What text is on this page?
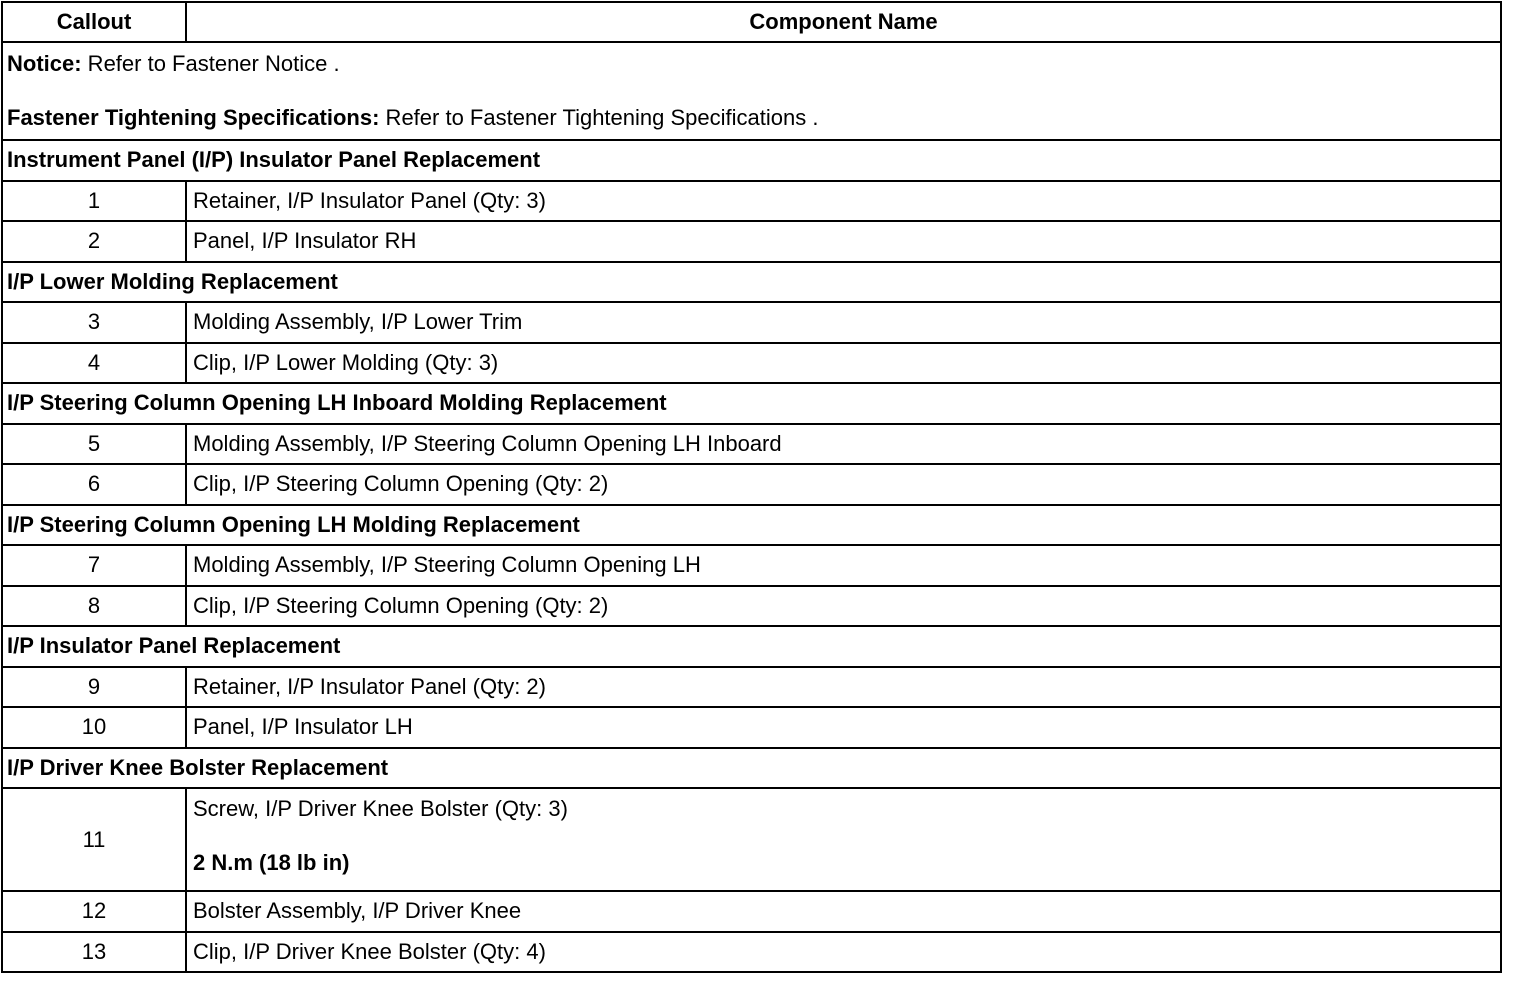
Callout	Component Name

Notice: Refer to Fastener Notice .

Fastener Tightening Specifications: Refer to Fastener Tightening Specifications .	

Instrument Panel (I/P) Insulator Panel Replacement	
1	Retainer, I/P Insulator Panel (Qty: 3)
2	Panel, I/P Insulator RH
I/P Lower Molding Replacement	
3	Molding Assembly, I/P Lower Trim
4	Clip, I/P Lower Molding (Qty: 3)
I/P Steering Column Opening LH Inboard Molding Replacement	
5	Molding Assembly, I/P Steering Column Opening LH Inboard
6	Clip, I/P Steering Column Opening (Qty: 2)
I/P Steering Column Opening LH Molding Replacement	
7	Molding Assembly, I/P Steering Column Opening LH
8	Clip, I/P Steering Column Opening (Qty: 2)
I/P Insulator Panel Replacement	
9	Retainer, I/P Insulator Panel (Qty: 2)
10	Panel, I/P Insulator LH
I/P Driver Knee Bolster Replacement	
11	Screw, I/P Driver Knee Bolster (Qty: 3)
2 N.m (18 lb in)

12	Bolster Assembly, I/P Driver Knee
13	Clip, I/P Driver Knee Bolster (Qty: 4)
